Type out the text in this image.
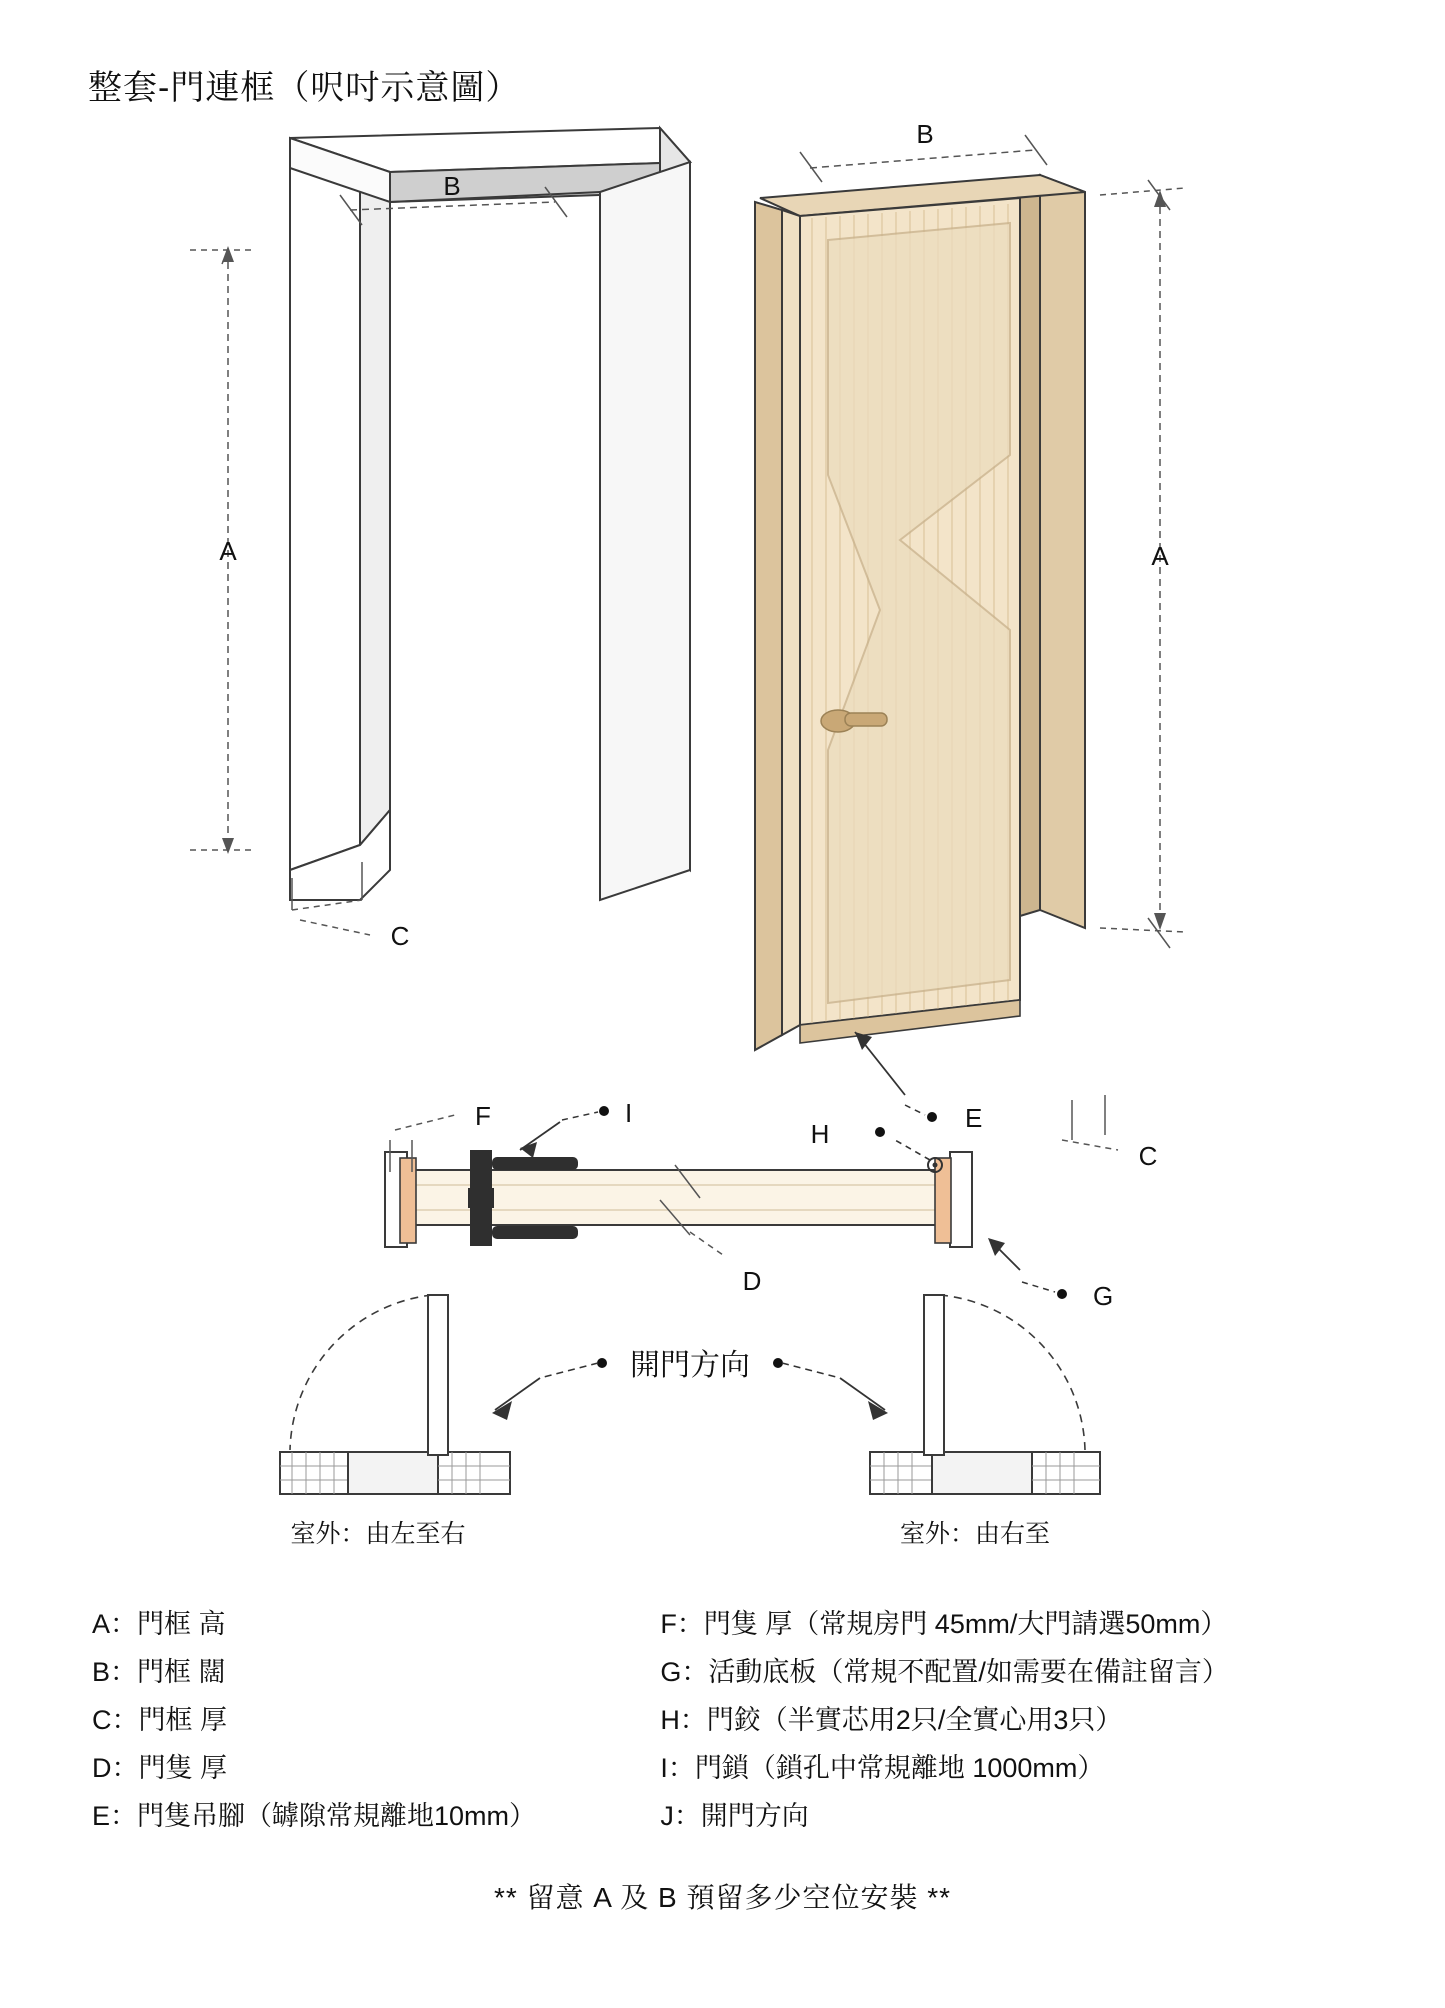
整套-門連框（呎吋示意圖）
B
A
C
B
A
E
C
F	I
H
D	G
室外：由左至右	室外：由右至
開門方向
A：門框 高
B：門框 闊
C：門框 厚
D：門隻 厚
E：門隻吊腳（罅隙常規離地10mm）
F：門隻 厚（常規房門 45mm/大門請選50mm）
G：活動底板（常規不配置/如需要在備註留言）
H：門鉸（半實芯用2只/全實心用3只）
I：門鎖（鎖孔中常規離地 1000mm）
J：開門方向
** 留意 A 及 B 預留多少空位安裝 **
